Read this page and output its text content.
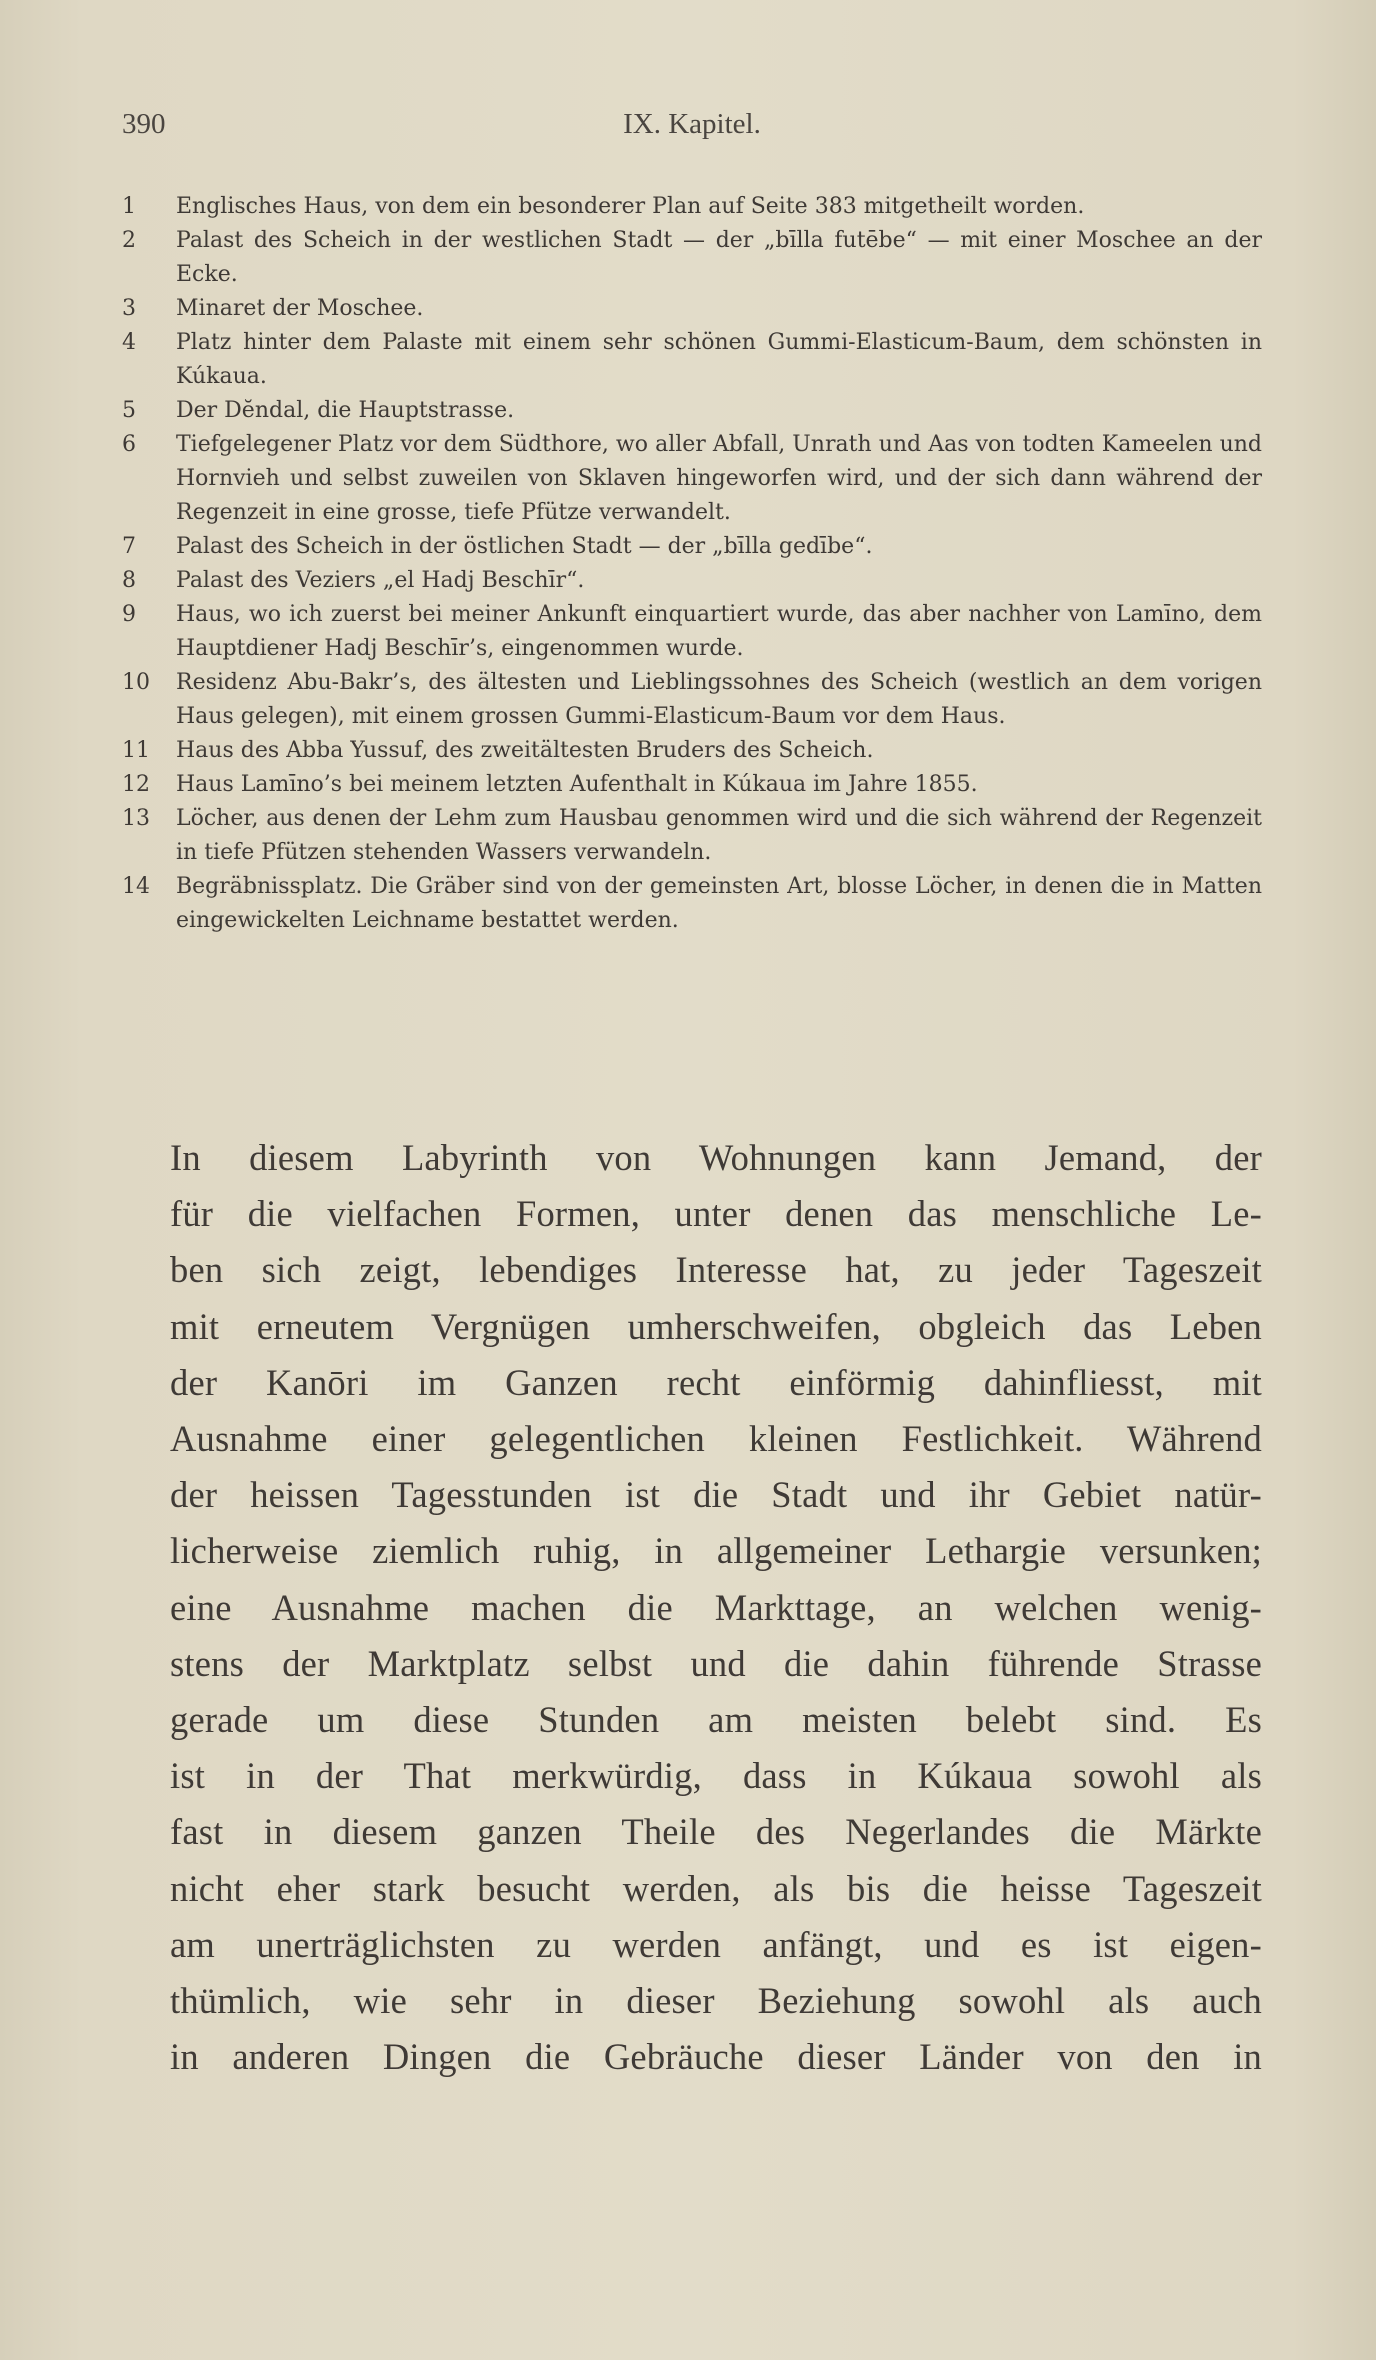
390	IX. Kapitel.
1	Englisches Haus, von dem ein besonderer Plan auf Seite 383 mitgetheilt worden.
2	Palast des Scheich in der westlichen Stadt — der „bīlla futēbe“ — mit einer Moschee an der Ecke.
3	Minaret der Moschee.
4	Platz hinter dem Palaste mit einem sehr schönen Gummi-Elasticum-Baum, dem schönsten in Kúkaua.
5	Der Dĕndal, die Hauptstrasse.
6	Tiefgelegener Platz vor dem Südthore, wo aller Abfall, Unrath und Aas von todten Kameelen und Hornvieh und selbst zuweilen von Sklaven hingeworfen wird, und der sich dann während der Regenzeit in eine grosse, tiefe Pfütze verwandelt.
7	Palast des Scheich in der östlichen Stadt — der „bīlla gedībe“.
8	Palast des Veziers „el Hadj Beschīr“.
9	Haus, wo ich zuerst bei meiner Ankunft einquartiert wurde, das aber nachher von Lamīno, dem Hauptdiener Hadj Beschīr’s, eingenommen wurde.
10	Residenz Abu-Bakr’s, des ältesten und Lieblingssohnes des Scheich (westlich an dem vorigen Haus gelegen), mit einem grossen Gummi-Elasticum-Baum vor dem Haus.
11	Haus des Abba Yussuf, des zweitältesten Bruders des Scheich.
12	Haus Lamīno’s bei meinem letzten Aufenthalt in Kúkaua im Jahre 1855.
13	Löcher, aus denen der Lehm zum Hausbau genommen wird und die sich während der Regenzeit in tiefe Pfützen stehenden Wassers verwandeln.
14	Begräbnissplatz. Die Gräber sind von der gemeinsten Art, blosse Löcher, in denen die in Matten eingewickelten Leichname bestattet werden.
In diesem Labyrinth von Wohnungen kann Jemand, der
für die vielfachen Formen, unter denen das menschliche Le-
ben sich zeigt, lebendiges Interesse hat, zu jeder Tageszeit
mit erneutem Vergnügen umherschweifen, obgleich das Leben
der Kanōri im Ganzen recht einförmig dahinfliesst, mit
Ausnahme einer gelegentlichen kleinen Festlichkeit. Während
der heissen Tagesstunden ist die Stadt und ihr Gebiet natür-
licherweise ziemlich ruhig, in allgemeiner Lethargie versunken;
eine Ausnahme machen die Markttage, an welchen wenig-
stens der Marktplatz selbst und die dahin führende Strasse
gerade um diese Stunden am meisten belebt sind. Es
ist in der That merkwürdig, dass in Kúkaua sowohl als
fast in diesem ganzen Theile des Negerlandes die Märkte
nicht eher stark besucht werden, als bis die heisse Tageszeit
am unerträglichsten zu werden anfängt, und es ist eigen-
thümlich, wie sehr in dieser Beziehung sowohl als auch
in anderen Dingen die Gebräuche dieser Länder von den in
